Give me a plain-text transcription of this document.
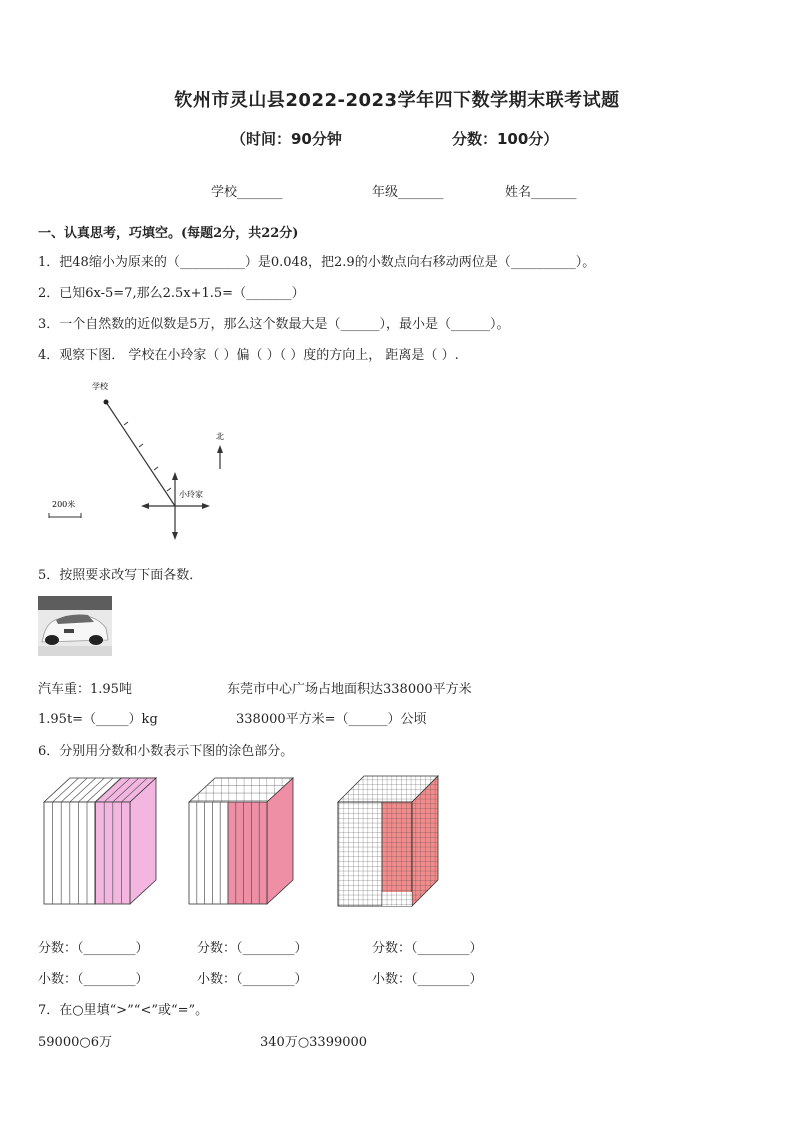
钦州市灵山县2022-2023学年四下数学期末联考试题
（时间：90分钟	分数：100分）
学校_______	年级_______	姓名_______
一、认真思考，巧填空。(每题2分，共22分)
1．把48缩小为原来的（__________）是0.048，把2.9的小数点向右移动两位是（__________）。
2．已知6x-5=7,那么2.5x+1.5=（_______）
3．一个自然数的近似数是5万，那么这个数最大是（______），最小是（______）。
4．观察下图． 学校在小玲家（ ）偏（ ）（ ）度的方向上， 距离是（ ）.
学校
小玲家
北
200米
5．按照要求改写下面各数．
汽车重：1.95吨	东莞市中心广场占地面积达338000平方米
1.95t=（_____）kg	338000平方米=（______）公顷
6．分别用分数和小数表示下图的涂色部分。
分数：（________）	分数：（________）	分数：（________）
小数：（________）	小数：（________）	小数：（________）
7．在○里填“>”“<”或“=”。
59000○6万	340万○3399000
